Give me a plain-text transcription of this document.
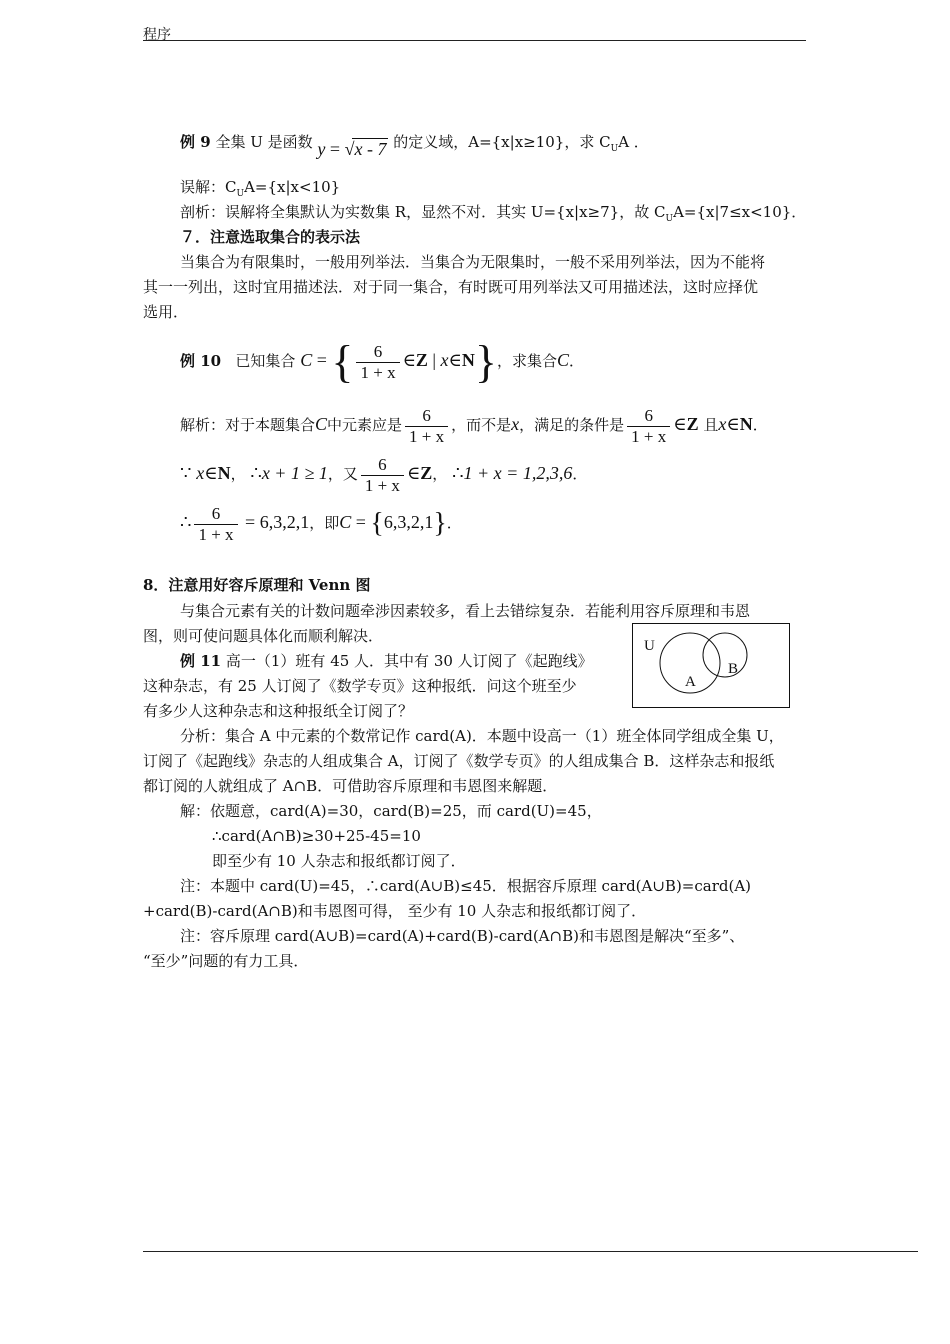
程序
例 9 全集 U 是函数 y = √x - 7 的定义域，A={x|x≥10}，求 $C_UA$ ．
误解：$C_UA=\{x|x<10\}$
剖析：误解将全集默认为实数集 R，显然不对．其实 U={x|x≥7}，故 $C_UA=\{x|7\le x<10\}$．
７．注意选取集合的表示法
当集合为有限集时，一般用列举法．当集合为无限集时，一般不采用列举法，因为不能将
其一一列出，这时宜用描述法．对于同一集合，有时既可用列举法又可用描述法，这时应择优
选用．
例 10 已知集合 C = { $\frac{6}{1 + x}$ ∈Z | x∈N}，求集合C．
解析：对于本题集合C中元素应是 $\frac{6}{1 + x}$ ，而不是x，满足的条件是 $\frac{6}{1 + x}$ ∈Z 且x∈N．
∵ x∈N， ∴x + 1 ≥ 1，又 $\frac{6}{1 + x}$ ∈Z， ∴1 + x = 1,2,3,6．
∴ $\frac{6}{1 + x} = 6,3,2,1$，即C = {6,3,2,1}．
8．注意用好容斥原理和 Venn 图
与集合元素有关的计数问题牵涉因素较多，看上去错综复杂．若能利用容斥原理和韦恩
图，则可使问题具体化而顺利解决．
例 11 高一（1）班有 45 人．其中有 30 人订阅了《起跑线》
这种杂志，有 25 人订阅了《数学专页》这种报纸．问这个班至少
有多少人这种杂志和这种报纸全订阅了？
U
A
B
分析：集合 A 中元素的个数常记作 card(A)．本题中设高一（1）班全体同学组成全集 U，
订阅了《起跑线》杂志的人组成集合 A，订阅了《数学专页》的人组成集合 B．这样杂志和报纸
都订阅的人就组成了 A∩B．可借助容斥原理和韦恩图来解题．
解：依题意，card(A)=30，card(B)=25，而 card(U)=45，
∴card(A∩B)≥30+25-45=10
即至少有 10 人杂志和报纸都订阅了．
注：本题中 card(U)=45，∴card(A∪B)≤45．根据容斥原理 card(A∪B)=card(A)
+card(B)-card(A∩B)和韦恩图可得， 至少有 10 人杂志和报纸都订阅了．
注：容斥原理 card(A∪B)=card(A)+card(B)-card(A∩B)和韦恩图是解决“至多”、
“至少”问题的有力工具．
